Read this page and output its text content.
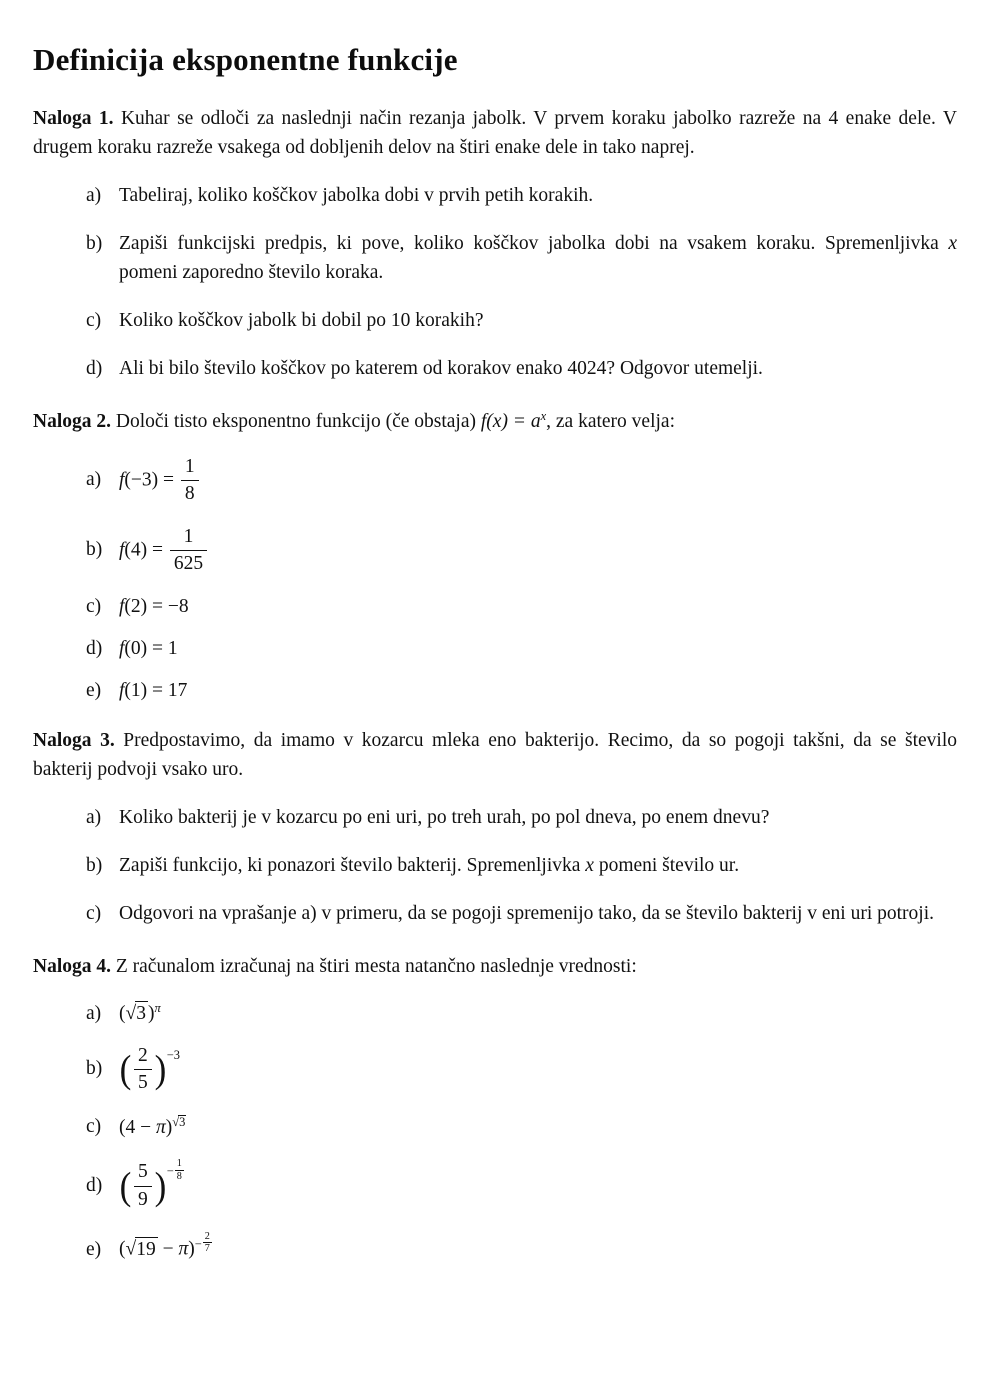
Definicija eksponentne funkcije

Naloga 1. Kuhar se odloči za naslednji način rezanja jabolk. V prvem koraku jabolko razreže na 4 enake dele. V drugem koraku razreže vsakega od dobljenih delov na štiri enake dele in tako naprej.

a) Tabeliraj, koliko koščkov jabolka dobi v prvih petih korakih.
b) Zapiši funkcijski predpis, ki pove, koliko koščkov jabolka dobi na vsakem koraku. Spremenljivka x pomeni zaporedno število koraka.
c) Koliko koščkov jabolk bi dobil po 10 korakih?
d) Ali bi bilo število koščkov po katerem od korakov enako 4024? Odgovor utemelji.

Naloga 2. Določi tisto eksponentno funkcijo (če obstaja) $f(x) = a^x$, za katero velja:

a) $f(-3) = \frac{1}{8}$
b) $f(4) = \frac{1}{625}$
c) f(2) = −8
d) f(0) = 1
e) f(1) = 17

Naloga 3. Predpostavimo, da imamo v kozarcu mleka eno bakterijo. Recimo, da so pogoji takšni, da se število bakterij podvoji vsako uro.

a) Koliko bakterij je v kozarcu po eni uri, po treh urah, po pol dneva, po enem dnevu?
b) Zapiši funkcijo, ki ponazori število bakterij. Spremenljivka x pomeni število ur.
c) Odgovori na vprašanje a) v primeru, da se pogoji spremenijo tako, da se število bakterij v eni uri potroji.

Naloga 4. Z računalom izračunaj na štiri mesta natančno naslednje vrednosti:

a) (√3 )$^\pi$
b) ( $\frac{2}{5} )^{-3}$
c) $(4 - \pi)^{√3}$
d) ( $\frac{5}{9} )^{- \frac{1}{8}}$
e) $(√19 - \pi)^{- \frac{2}{7}}$
